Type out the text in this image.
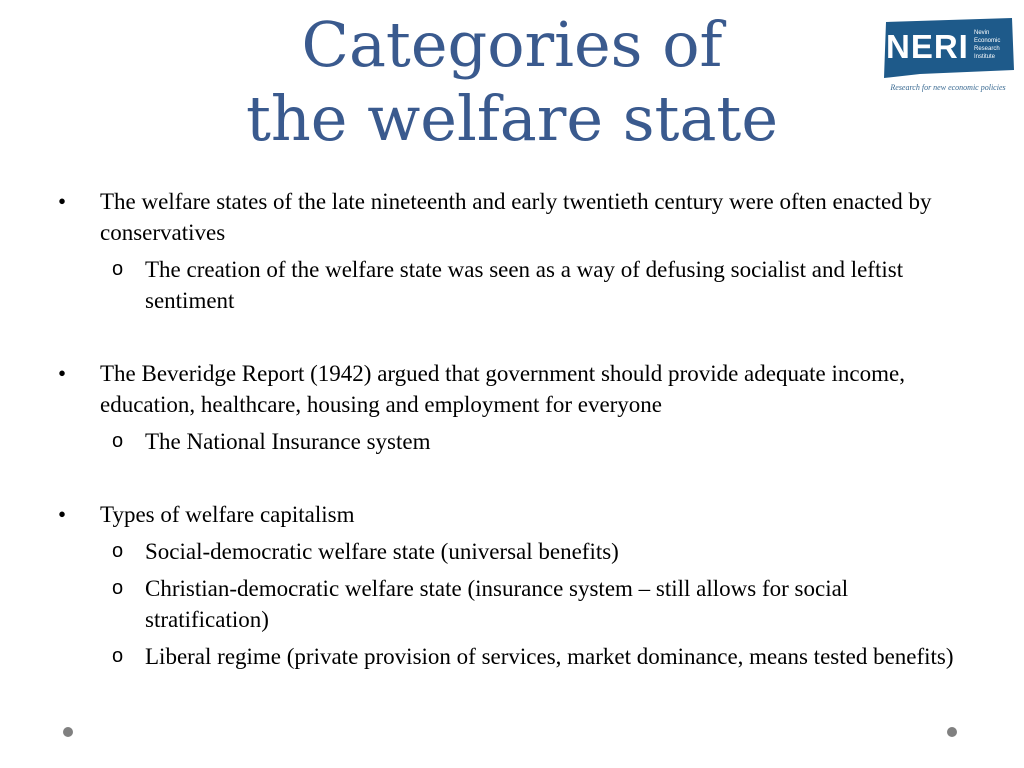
Categories of
the welfare state
NERI Nevin
Economic
Research
Institute
Research for new economic policies
•	The welfare states of the late nineteenth and early twentieth century were often enacted by conservatives
o The creation of the welfare state was seen as a way of defusing socialist and leftist sentiment
•	The Beveridge Report (1942) argued that government should provide adequate income, education, healthcare, housing and employment for everyone
o The National Insurance system
•	Types of welfare capitalism
o Social-democratic welfare state (universal benefits)
o Christian-democratic welfare state (insurance system – still allows for social stratification)
o Liberal regime (private provision of services, market dominance, means tested benefits)
